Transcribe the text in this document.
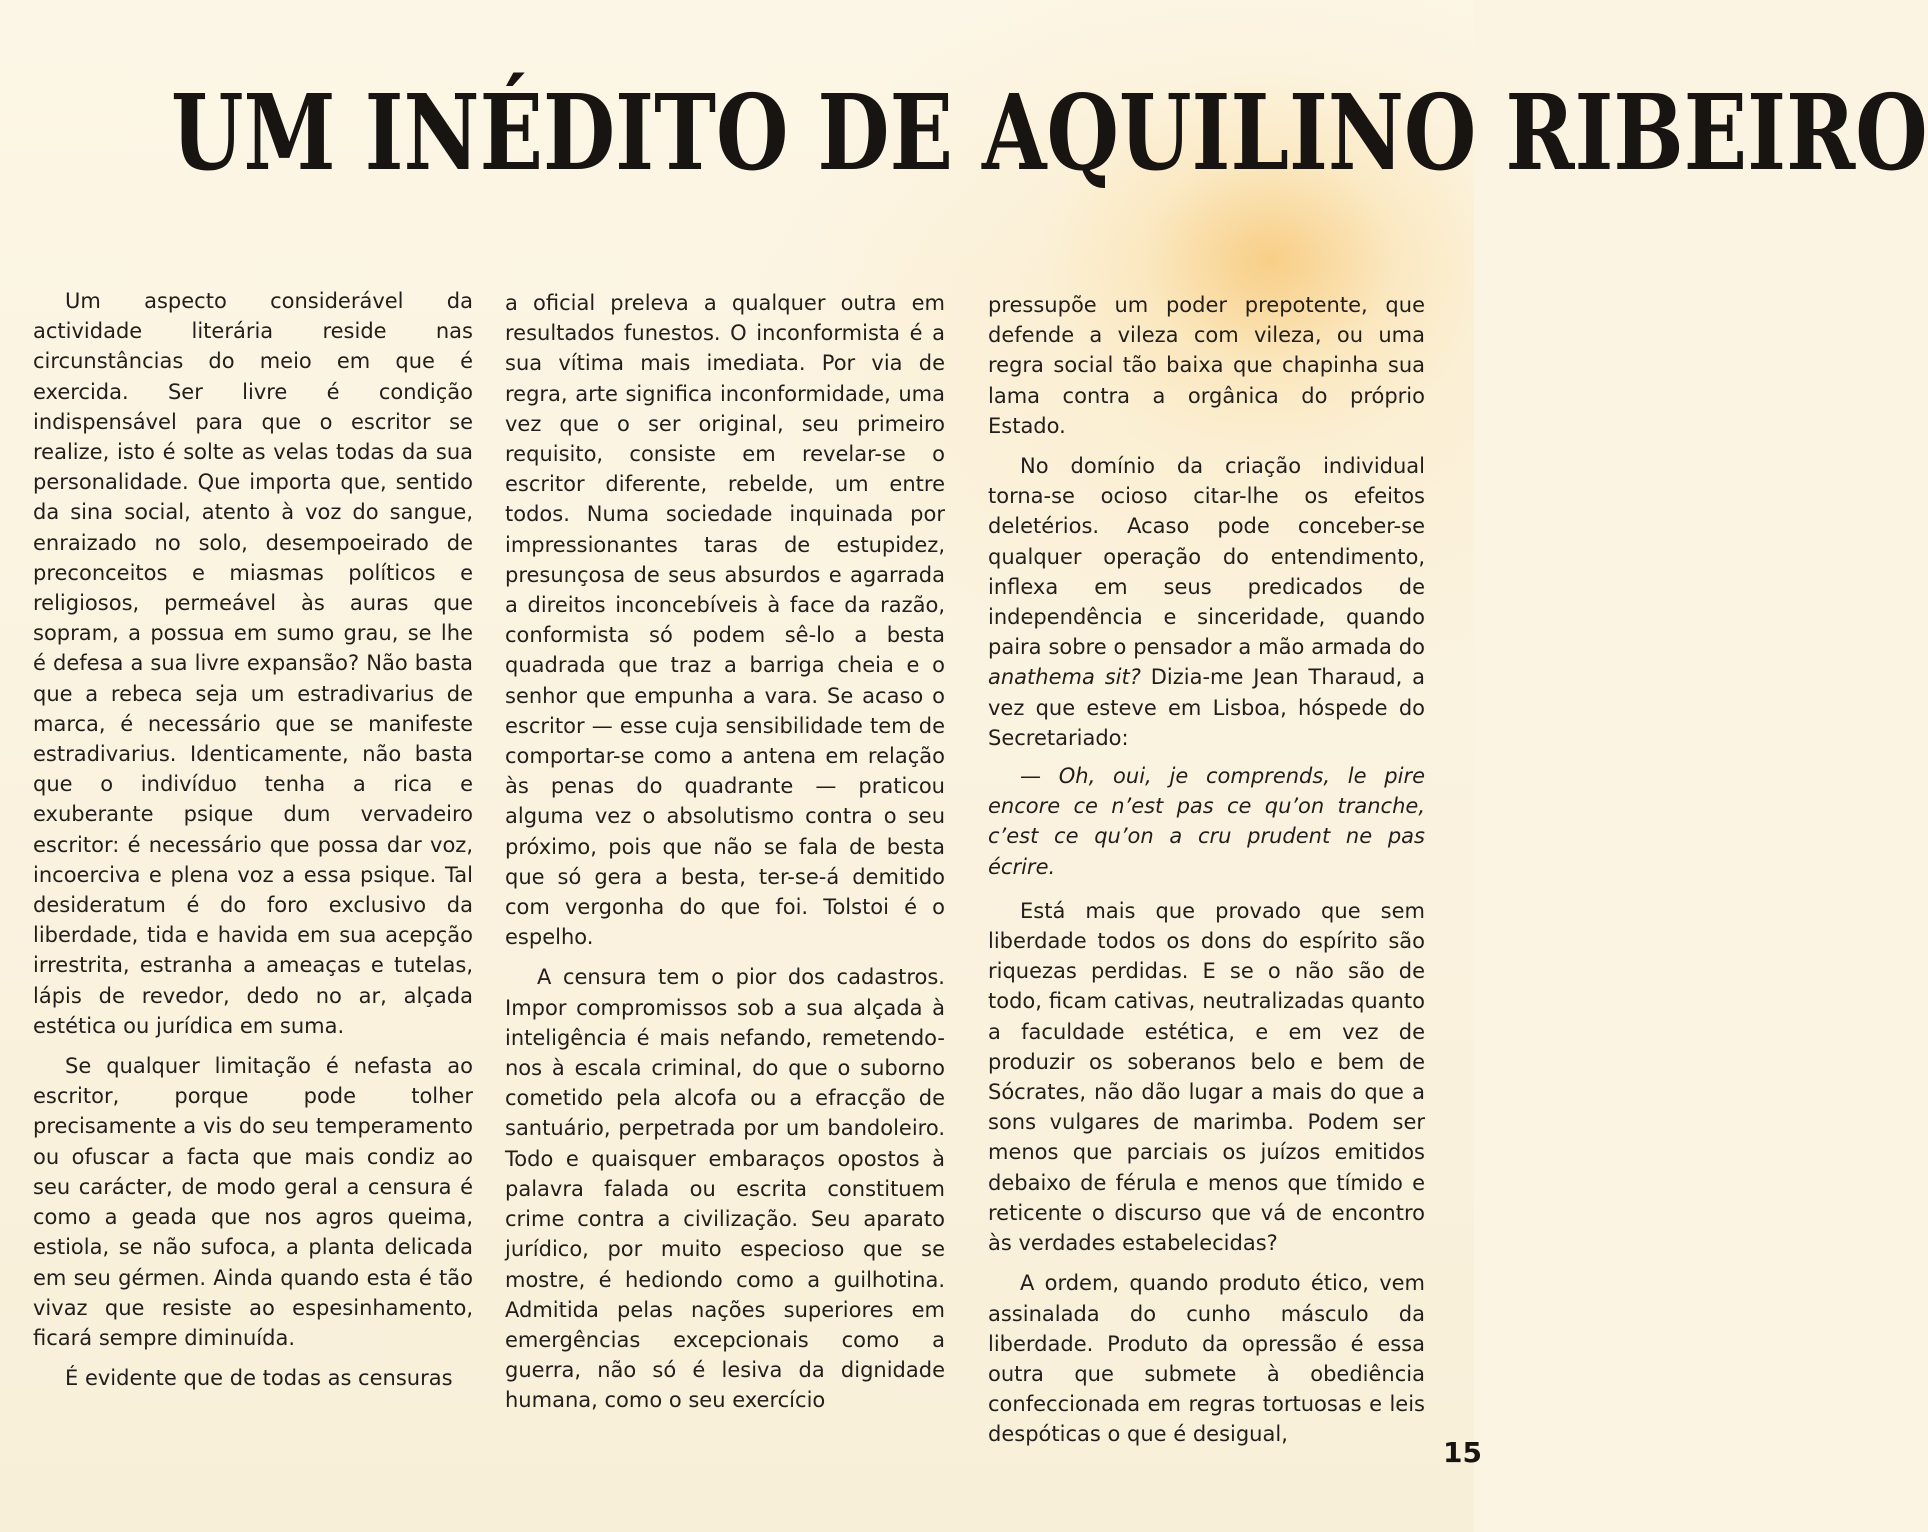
UM INÉDITO DE AQUILINO RIBEIRO

Um aspecto considerável da actividade literária reside nas circunstâncias do meio em que é exercida. Ser livre é condição indispensável para que o escritor se realize, isto é solte as velas todas da sua personalidade. Que importa que, sentido da sina social, atento à voz do sangue, enraizado no solo, desempoeirado de preconceitos e miasmas políticos e religiosos, permeável às auras que sopram, a possua em sumo grau, se lhe é defesa a sua livre expansão? Não basta que a rebeca seja um estradivarius de marca, é necessário que se manifeste estradivarius. Identicamente, não basta que o indivíduo tenha a rica e exuberante psique dum vervadeiro escritor: é necessário que possa dar voz, incoerciva e plena voz a essa psique. Tal desideratum é do foro exclusivo da liberdade, tida e havida em sua acepção irrestrita, estranha a ameaças e tutelas, lápis de revedor, dedo no ar, alçada estética ou jurídica em suma.

Se qualquer limitação é nefasta ao escritor, porque pode tolher precisamente a vis do seu temperamento ou ofuscar a facta que mais condiz ao seu carácter, de modo geral a censura é como a geada que nos agros queima, estiola, se não sufoca, a planta delicada em seu gérmen. Ainda quando esta é tão vivaz que resiste ao espesinhamento, ficará sempre diminuída.

É evidente que de todas as censuras

a oficial preleva a qualquer outra em resultados funestos. O inconformista é a sua vítima mais imediata. Por via de regra, arte significa inconformidade, uma vez que o ser original, seu primeiro requisito, consiste em revelar-se o escritor diferente, rebelde, um entre todos. Numa sociedade inquinada por impressionantes taras de estupidez, presunçosa de seus absurdos e agarrada a direitos inconcebíveis à face da razão, conformista só podem sê-lo a besta quadrada que traz a barriga cheia e o senhor que empunha a vara. Se acaso o escritor — esse cuja sensibilidade tem de comportar-se como a antena em relação às penas do quadrante — praticou alguma vez o absolutismo contra o seu próximo, pois que não se fala de besta que só gera a besta, ter-se-á demitido com vergonha do que foi. Tolstoi é o espelho.

A censura tem o pior dos cadastros. Impor compromissos sob a sua alçada à inteligência é mais nefando, remetendo-nos à escala criminal, do que o suborno cometido pela alcofa ou a efracção de santuário, perpetrada por um bandoleiro. Todo e quaisquer embaraços opostos à palavra falada ou escrita constituem crime contra a civilização. Seu aparato jurídico, por muito especioso que se mostre, é hediondo como a guilhotina. Admitida pelas nações superiores em emergências excepcionais como a guerra, não só é lesiva da dignidade humana, como o seu exercício

pressupõe um poder prepotente, que defende a vileza com vileza, ou uma regra social tão baixa que chapinha sua lama contra a orgânica do próprio Estado.

No domínio da criação individual torna-se ocioso citar-lhe os efeitos deletérios. Acaso pode conceber-se qualquer operação do entendimento, inflexa em seus predicados de independência e sinceridade, quando paira sobre o pensador a mão armada do anathema sit? Dizia-me Jean Tharaud, a vez que esteve em Lisboa, hóspede do Secretariado:

— Oh, oui, je comprends, le pire encore ce n’est pas ce qu’on tranche, c’est ce qu’on a cru prudent ne pas écrire.

Está mais que provado que sem liberdade todos os dons do espírito são riquezas perdidas. E se o não são de todo, ficam cativas, neutralizadas quanto a faculdade estética, e em vez de produzir os soberanos belo e bem de Sócrates, não dão lugar a mais do que a sons vulgares de marimba. Podem ser menos que parciais os juízos emitidos debaixo de férula e menos que tímido e reticente o discurso que vá de encontro às verdades estabelecidas?

A ordem, quando produto ético, vem assinalada do cunho másculo da liberdade. Produto da opressão é essa outra que submete à obediência confeccionada em regras tortuosas e leis despóticas o que é desigual,

15
